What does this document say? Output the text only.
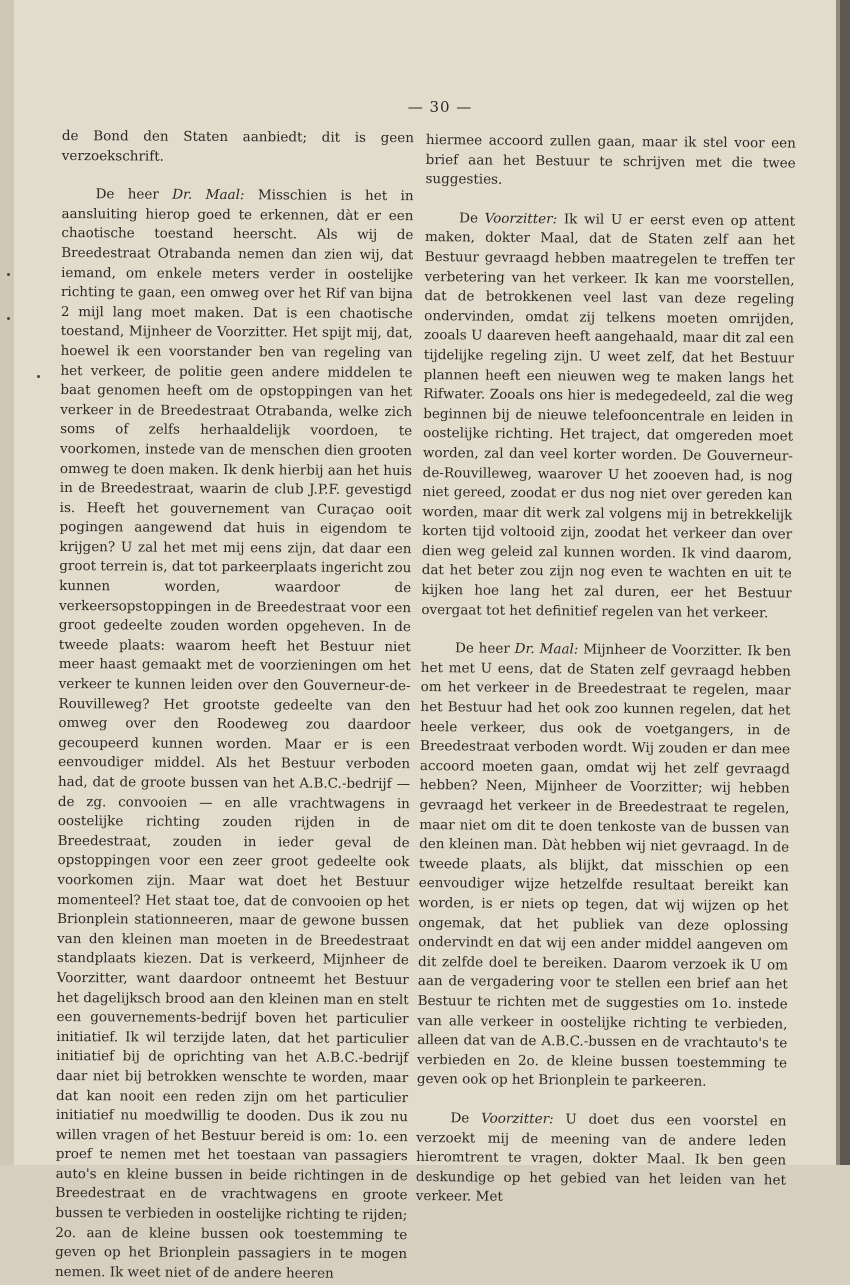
— 30 —

de Bond den Staten aanbiedt; dit is geen verzoekschrift.

De heer Dr. Maal: Misschien is het in aansluiting hierop goed te erkennen, dàt er een chaotische toestand heerscht. Als wij de Breedestraat Otrabanda nemen dan zien wij, dat iemand, om enkele meters verder in oostelijke richting te gaan, een omweg over het Rif van bijna 2 mijl lang moet maken. Dat is een chaotische toestand, Mijnheer de Voorzitter. Het spijt mij, dat, hoewel ik een voorstander ben van regeling van het verkeer, de politie geen andere middelen te baat genomen heeft om de opstoppingen van het verkeer in de Breedestraat Otrabanda, welke zich soms of zelfs herhaaldelijk voordoen, te voorkomen, instede van de menschen dien grooten omweg te doen maken. Ik denk hierbij aan het huis in de Breedestraat, waarin de club J.P.F. gevestigd is. Heeft het gouvernement van Curaçao ooit pogingen aangewend dat huis in eigendom te krijgen? U zal het met mij eens zijn, dat daar een groot terrein is, dat tot parkeerplaats ingericht zou kunnen worden, waardoor de verkeersopstoppingen in de Breedestraat voor een groot gedeelte zouden worden opgeheven. In de tweede plaats: waarom heeft het Bestuur niet meer haast gemaakt met de voorzieningen om het verkeer te kunnen leiden over den Gouverneur-de-Rouvilleweg? Het grootste gedeelte van den omweg over den Roodeweg zou daardoor gecoupeerd kunnen worden. Maar er is een eenvoudiger middel. Als het Bestuur verboden had, dat de groote bussen van het A.B.C.-bedrijf — de zg. convooien — en alle vrachtwagens in oostelijke richting zouden rijden in de Breedestraat, zouden in ieder geval de opstoppingen voor een zeer groot gedeelte ook voorkomen zijn. Maar wat doet het Bestuur momenteel? Het staat toe, dat de convooien op het Brionplein stationneeren, maar de gewone bussen van den kleinen man moeten in de Breedestraat standplaats kiezen. Dat is verkeerd, Mijnheer de Voorzitter, want daardoor ontneemt het Bestuur het dagelijksch brood aan den kleinen man en stelt een gouvernements-bedrijf boven het particulier initiatief. Ik wil terzijde laten, dat het particulier initiatief bij de oprichting van het A.B.C.-bedrijf daar niet bij betrokken wenschte te worden, maar dat kan nooit een reden zijn om het particulier initiatief nu moedwillig te dooden. Dus ik zou nu willen vragen of het Bestuur bereid is om: 1o. een proef te nemen met het toestaan van passagiers auto's en kleine bussen in beide richtingen in de Breedestraat en de vrachtwagens en groote bussen te verbieden in oostelijke richting te rijden; 2o. aan de kleine bussen ook toestemming te geven op het Brionplein passagiers in te mogen nemen. Ik weet niet of de andere heeren

hiermee accoord zullen gaan, maar ik stel voor een brief aan het Bestuur te schrijven met die twee suggesties.

De Voorzitter: Ik wil U er eerst even op attent maken, dokter Maal, dat de Staten zelf aan het Bestuur gevraagd hebben maatregelen te treffen ter verbetering van het verkeer. Ik kan me voorstellen, dat de betrokkenen veel last van deze regeling ondervinden, omdat zij telkens moeten omrijden, zooals U daareven heeft aangehaald, maar dit zal een tijdelijke regeling zijn. U weet zelf, dat het Bestuur plannen heeft een nieuwen weg te maken langs het Rifwater. Zooals ons hier is medegedeeld, zal die weg beginnen bij de nieuwe telefooncentrale en leiden in oostelijke richting. Het traject, dat omgereden moet worden, zal dan veel korter worden. De Gouverneur-de-Rouvilleweg, waarover U het zooeven had, is nog niet gereed, zoodat er dus nog niet over gereden kan worden, maar dit werk zal volgens mij in betrekkelijk korten tijd voltooid zijn, zoodat het verkeer dan over dien weg geleid zal kunnen worden. Ik vind daarom, dat het beter zou zijn nog even te wachten en uit te kijken hoe lang het zal duren, eer het Bestuur overgaat tot het definitief regelen van het verkeer.

De heer Dr. Maal: Mijnheer de Voorzitter. Ik ben het met U eens, dat de Staten zelf gevraagd hebben om het verkeer in de Breedestraat te regelen, maar het Bestuur had het ook zoo kunnen regelen, dat het heele verkeer, dus ook de voetgangers, in de Breedestraat verboden wordt. Wij zouden er dan mee accoord moeten gaan, omdat wij het zelf gevraagd hebben? Neen, Mijnheer de Voorzitter; wij hebben gevraagd het verkeer in de Breedestraat te regelen, maar niet om dit te doen tenkoste van de bussen van den kleinen man. Dàt hebben wij niet gevraagd. In de tweede plaats, als blijkt, dat misschien op een eenvoudiger wijze hetzelfde resultaat bereikt kan worden, is er niets op tegen, dat wij wijzen op het ongemak, dat het publiek van deze oplossing ondervindt en dat wij een ander middel aangeven om dit zelfde doel te bereiken. Daarom verzoek ik U om aan de vergadering voor te stellen een brief aan het Bestuur te richten met de suggesties om 1o. instede van alle verkeer in oostelijke richting te verbieden, alleen dat van de A.B.C.-bussen en de vrachtauto's te verbieden en 2o. de kleine bussen toestemming te geven ook op het Brionplein te parkeeren.

De Voorzitter: U doet dus een voorstel en verzoekt mij de meening van de andere leden hieromtrent te vragen, dokter Maal. Ik ben geen deskundige op het gebied van het leiden van het verkeer. Met
